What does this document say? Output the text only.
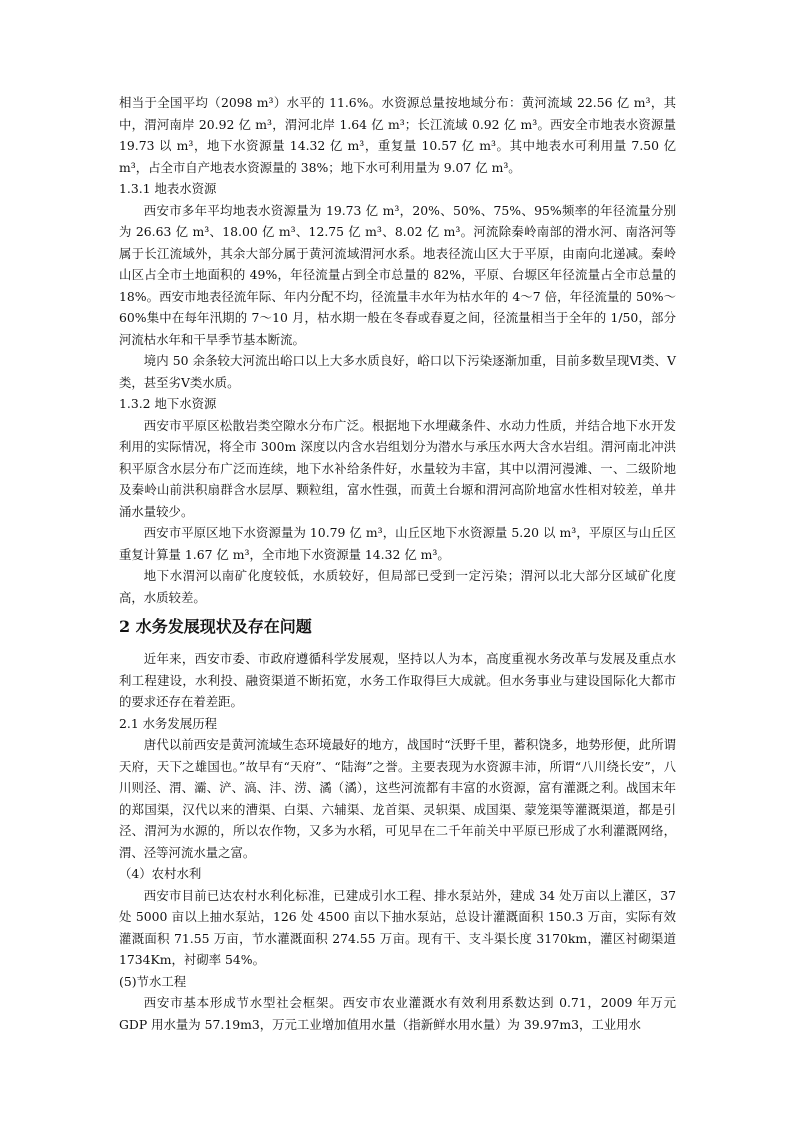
相当于全国平均（2098 m³）水平的 11.6%。水资源总量按地域分布：黄河流域 22.56 亿 m³，其中，渭河南岸 20.92 亿 m³，渭河北岸 1.64 亿 m³；长江流域 0.92 亿 m³。西安全市地表水资源量 19.73 以 m³，地下水资源量 14.32 亿 m³，重复量 10.57 亿 m³。其中地表水可利用量 7.50 亿 m³，占全市自产地表水资源量的 38%；地下水可利用量为 9.07 亿 m³。

1.3.1 地表水资源

西安市多年平均地表水资源量为 19.73 亿 m³，20%、50%、75%、95%频率的年径流量分别为 26.63 亿 m³、18.00 亿 m³、12.75 亿 m³、8.02 亿 m³。河流除秦岭南部的滑水河、南洛河等属于长江流域外，其余大部分属于黄河流域渭河水系。地表径流山区大于平原，由南向北递减。秦岭山区占全市土地面积的 49%，年径流量占到全市总量的 82%，平原、台塬区年径流量占全市总量的 18%。西安市地表径流年际、年内分配不均，径流量丰水年为枯水年的 4～7 倍，年径流量的 50%～60%集中在每年汛期的 7～10 月，枯水期一般在冬春或春夏之间，径流量相当于全年的 1/50，部分河流枯水年和干旱季节基本断流。

境内 50 余条较大河流出峪口以上大多水质良好，峪口以下污染逐渐加重，目前多数呈现Ⅵ类、Ⅴ类，甚至劣Ⅴ类水质。

1.3.2 地下水资源

西安市平原区松散岩类空隙水分布广泛。根据地下水埋藏条件、水动力性质，并结合地下水开发利用的实际情况，将全市 300m 深度以内含水岩组划分为潜水与承压水两大含水岩组。渭河南北冲洪积平原含水层分布广泛而连续，地下水补给条件好，水量较为丰富，其中以渭河漫滩、一、二级阶地及秦岭山前洪积扇群含水层厚、颗粒组，富水性强，而黄土台塬和渭河高阶地富水性相对较差，单井涌水量较少。

西安市平原区地下水资源量为 10.79 亿 m³，山丘区地下水资源量 5.20 以 m³，平原区与山丘区重复计算量 1.67 亿 m³，全市地下水资源量 14.32 亿 m³。

地下水渭河以南矿化度较低，水质较好，但局部已受到一定污染；渭河以北大部分区域矿化度高，水质较差。

2 水务发展现状及存在问题

近年来，西安市委、市政府遵循科学发展观，坚持以人为本，高度重视水务改革与发展及重点水利工程建设，水利投、融资渠道不断拓宽，水务工作取得巨大成就。但水务事业与建设国际化大都市的要求还存在着差距。

2.1 水务发展历程

唐代以前西安是黄河流域生态环境最好的地方，战国时“沃野千里，蓄积饶多，地势形便，此所谓天府，天下之雄国也。”故早有“天府”、“陆海”之誉。主要表现为水资源丰沛，所谓“八川绕长安”，八川则泾、渭、灞、浐、滈、沣、涝、潏（潏），这些河流都有丰富的水资源，富有灌溉之利。战国末年的郑国渠，汉代以来的漕渠、白渠、六辅渠、龙首渠、灵轵渠、成国渠、蒙笼渠等灌溉渠道，都是引泾、渭河为水源的，所以农作物，又多为水稻，可见早在二千年前关中平原已形成了水利灌溉网络，渭、泾等河流水量之富。

（4）农村水利

西安市目前已达农村水利化标准，已建成引水工程、排水泵站外，建成 34 处万亩以上灌区，37 处 5000 亩以上抽水泵站，126 处 4500 亩以下抽水泵站，总设计灌溉面积 150.3 万亩，实际有效灌溉面积 71.55 万亩，节水灌溉面积 274.55 万亩。现有干、支斗渠长度 3170km，灌区衬砌渠道 1734Km，衬砌率 54%。

(5)节水工程

西安市基本形成节水型社会框架。西安市农业灌溉水有效利用系数达到 0.71，2009 年万元 GDP 用水量为 57.19m3，万元工业增加值用水量（指新鲜水用水量）为 39.97m3，工业用水
